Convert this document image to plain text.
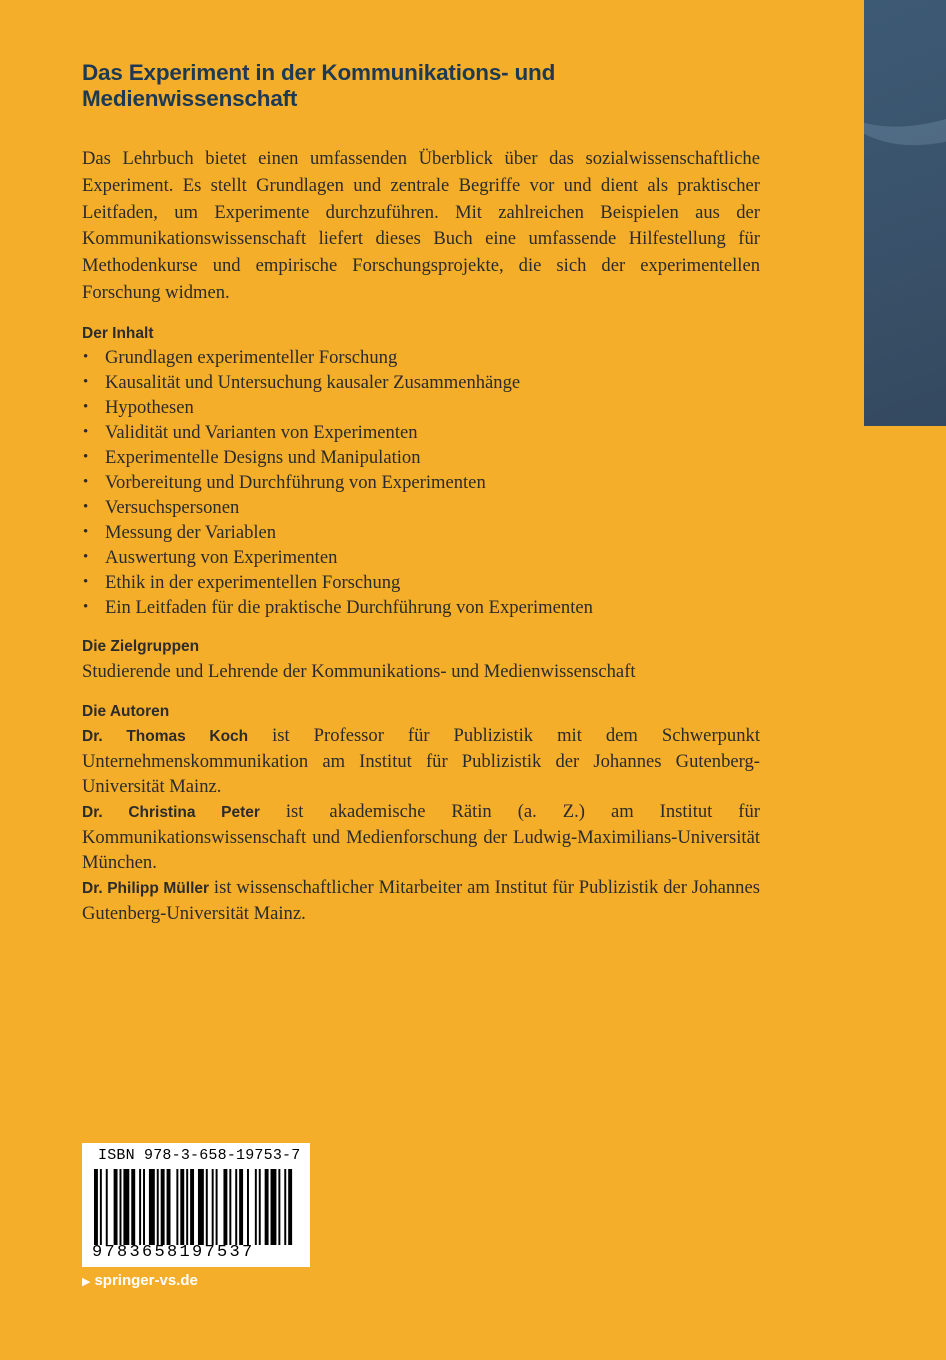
Das Experiment in der Kommunikations- und Medienwissenschaft

Das Lehrbuch bietet einen umfassenden Überblick über das sozialwissenschaftliche Experiment. Es stellt Grundlagen und zentrale Begriffe vor und dient als praktischer Leitfaden, um Experimente durchzuführen. Mit zahlreichen Beispielen aus der Kommunikationswissenschaft liefert dieses Buch eine umfassende Hilfestellung für Methodenkurse und empirische Forschungsprojekte, die sich der experimentellen Forschung widmen.

Der Inhalt

• Grundlagen experimenteller Forschung
• Kausalität und Untersuchung kausaler Zusammenhänge
• Hypothesen
• Validität und Varianten von Experimenten
• Experimentelle Designs und Manipulation
• Vorbereitung und Durchführung von Experimenten
• Versuchspersonen
• Messung der Variablen
• Auswertung von Experimenten
• Ethik in der experimentellen Forschung
• Ein Leitfaden für die praktische Durchführung von Experimenten

Die Zielgruppen

Studierende und Lehrende der Kommunikations- und Medienwissenschaft

Die Autoren

Dr. Thomas Koch ist Professor für Publizistik mit dem Schwerpunkt Unternehmenskommunikation am Institut für Publizistik der Johannes Gutenberg-Universität Mainz.

Dr. Christina Peter ist akademische Rätin (a. Z.) am Institut für Kommunikationswissenschaft und Medienforschung der Ludwig-Maximilians-Universität München.

Dr. Philipp Müller ist wissenschaftlicher Mitarbeiter am Institut für Publizistik der Johannes Gutenberg-Universität Mainz.

ISBN 978-3-658-19753-7
9783658197537
▶ springer-vs.de
